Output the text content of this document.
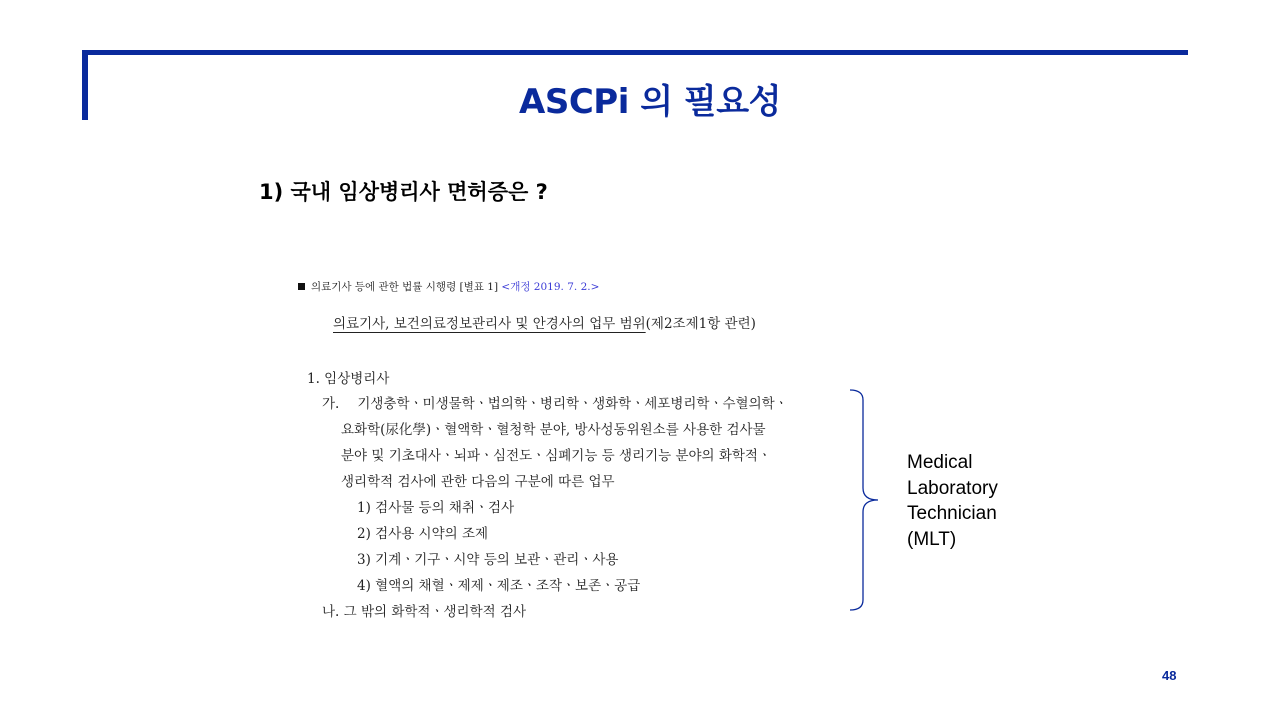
ASCPi 의 필요성
1) 국내 임상병리사 면허증은 ?
의료기사 등에 관한 법률 시행령 [별표 1] <개정 2019. 7. 2.>
의료기사, 보건의료정보관리사 및 안경사의 업무 범위(제2조제1항 관련)
1. 임상병리사
가. 기생충학ㆍ미생물학ㆍ법의학ㆍ병리학ㆍ생화학ㆍ세포병리학ㆍ수혈의학ㆍ
요화학(尿化學)ㆍ혈액학ㆍ혈청학 분야, 방사성동위원소를 사용한 검사물
분야 및 기초대사ㆍ뇌파ㆍ심전도ㆍ심폐기능 등 생리기능 분야의 화학적ㆍ
생리학적 검사에 관한 다음의 구분에 따른 업무
1) 검사물 등의 채취ㆍ검사
2) 검사용 시약의 조제
3) 기계ㆍ기구ㆍ시약 등의 보관ㆍ관리ㆍ사용
4) 혈액의 채혈ㆍ제제ㆍ제조ㆍ조작ㆍ보존ㆍ공급
나. 그 밖의 화학적ㆍ생리학적 검사
Medical
Laboratory
Technician
(MLT)
48
